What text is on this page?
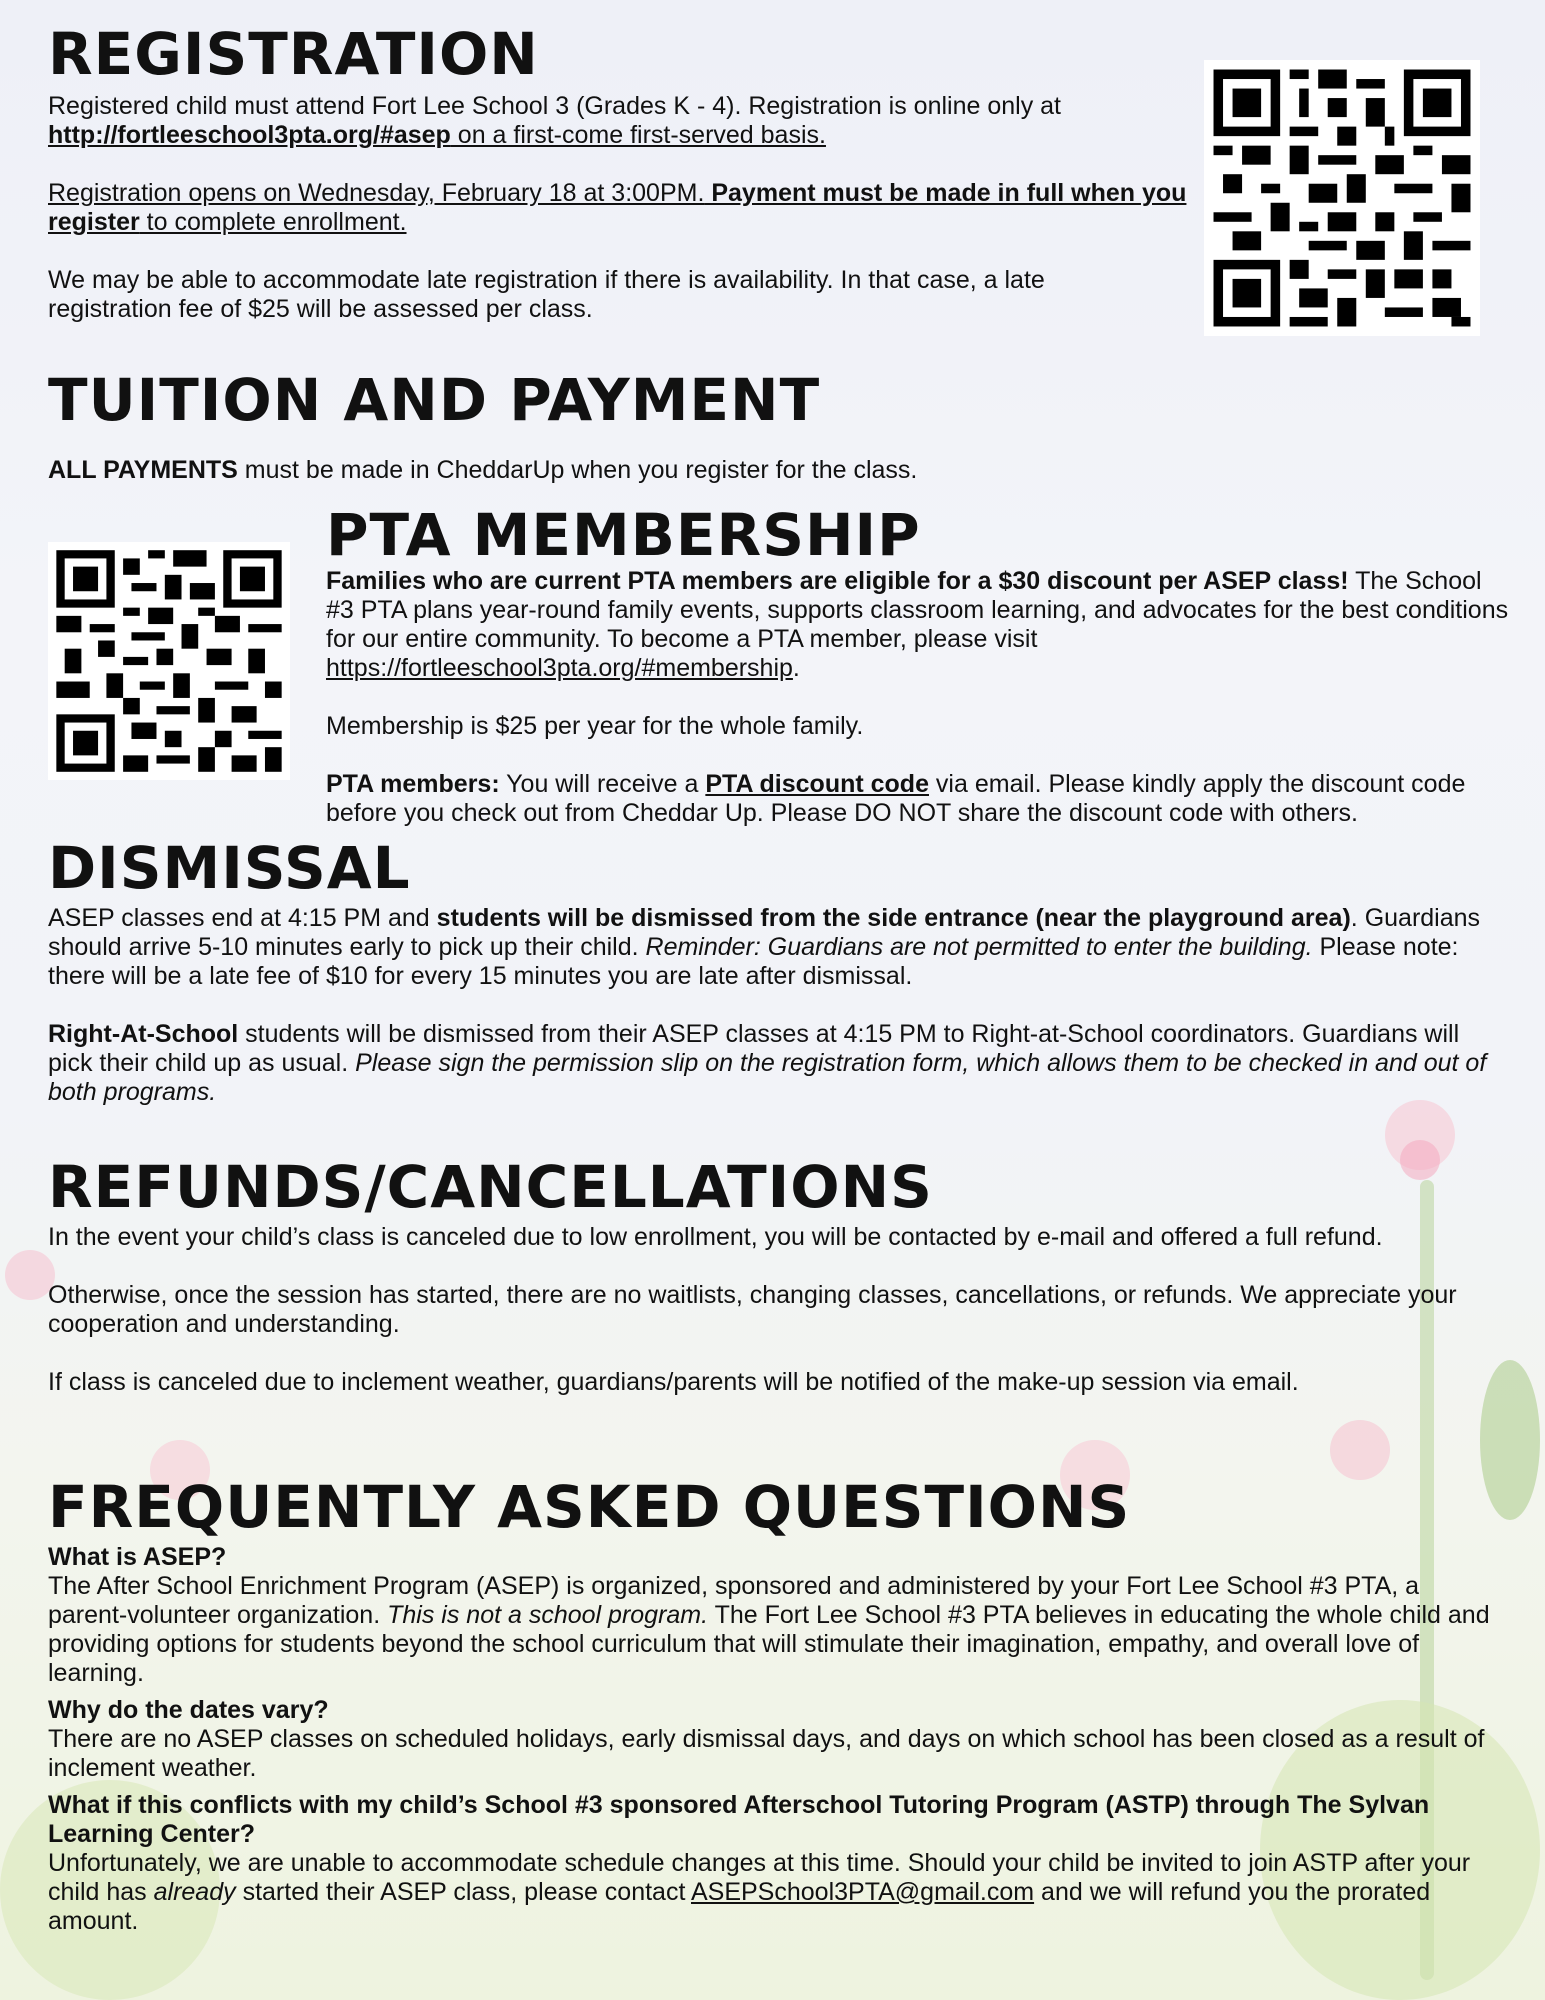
REGISTRATION

Registered child must attend Fort Lee School 3 (Grades K - 4). Registration is online only at
http://fortleeschool3pta.org/#asep on a first-come first-served basis.

Registration opens on Wednesday, February 18 at 3:00PM. Payment must be made in full when you register to complete enrollment.

We may be able to accommodate late registration if there is availability. In that case, a late registration fee of $25 will be assessed per class.

TUITION AND PAYMENT

ALL PAYMENTS must be made in CheddarUp when you register for the class.

PTA MEMBERSHIP

Families who are current PTA members are eligible for a $30 discount per ASEP class! The School #3 PTA plans year-round family events, supports classroom learning, and advocates for the best conditions for our entire community. To become a PTA member, please visit https://fortleeschool3pta.org/#membership.

Membership is $25 per year for the whole family.

PTA members: You will receive a PTA discount code via email. Please kindly apply the discount code before you check out from Cheddar Up. Please DO NOT share the discount code with others.

DISMISSAL

ASEP classes end at 4:15 PM and students will be dismissed from the side entrance (near the playground area). Guardians should arrive 5-10 minutes early to pick up their child. Reminder: Guardians are not permitted to enter the building. Please note: there will be a late fee of $10 for every 15 minutes you are late after dismissal.

Right-At-School students will be dismissed from their ASEP classes at 4:15 PM to Right-at-School coordinators. Guardians will pick their child up as usual. Please sign the permission slip on the registration form, which allows them to be checked in and out of both programs.

REFUNDS/CANCELLATIONS

In the event your child’s class is canceled due to low enrollment, you will be contacted by e-mail and offered a full refund.

Otherwise, once the session has started, there are no waitlists, changing classes, cancellations, or refunds. We appreciate your cooperation and understanding.

If class is canceled due to inclement weather, guardians/parents will be notified of the make-up session via email.

FREQUENTLY ASKED QUESTIONS

What is ASEP?

The After School Enrichment Program (ASEP) is organized, sponsored and administered by your Fort Lee School #3 PTA, a parent-volunteer organization. This is not a school program. The Fort Lee School #3 PTA believes in educating the whole child and providing options for students beyond the school curriculum that will stimulate their imagination, empathy, and overall love of learning.

Why do the dates vary?

There are no ASEP classes on scheduled holidays, early dismissal days, and days on which school has been closed as a result of inclement weather.

What if this conflicts with my child’s School #3 sponsored Afterschool Tutoring Program (ASTP) through The Sylvan Learning Center?

Unfortunately, we are unable to accommodate schedule changes at this time. Should your child be invited to join ASTP after your child has already started their ASEP class, please contact ASEPSchool3PTA@gmail.com and we will refund you the prorated amount.
